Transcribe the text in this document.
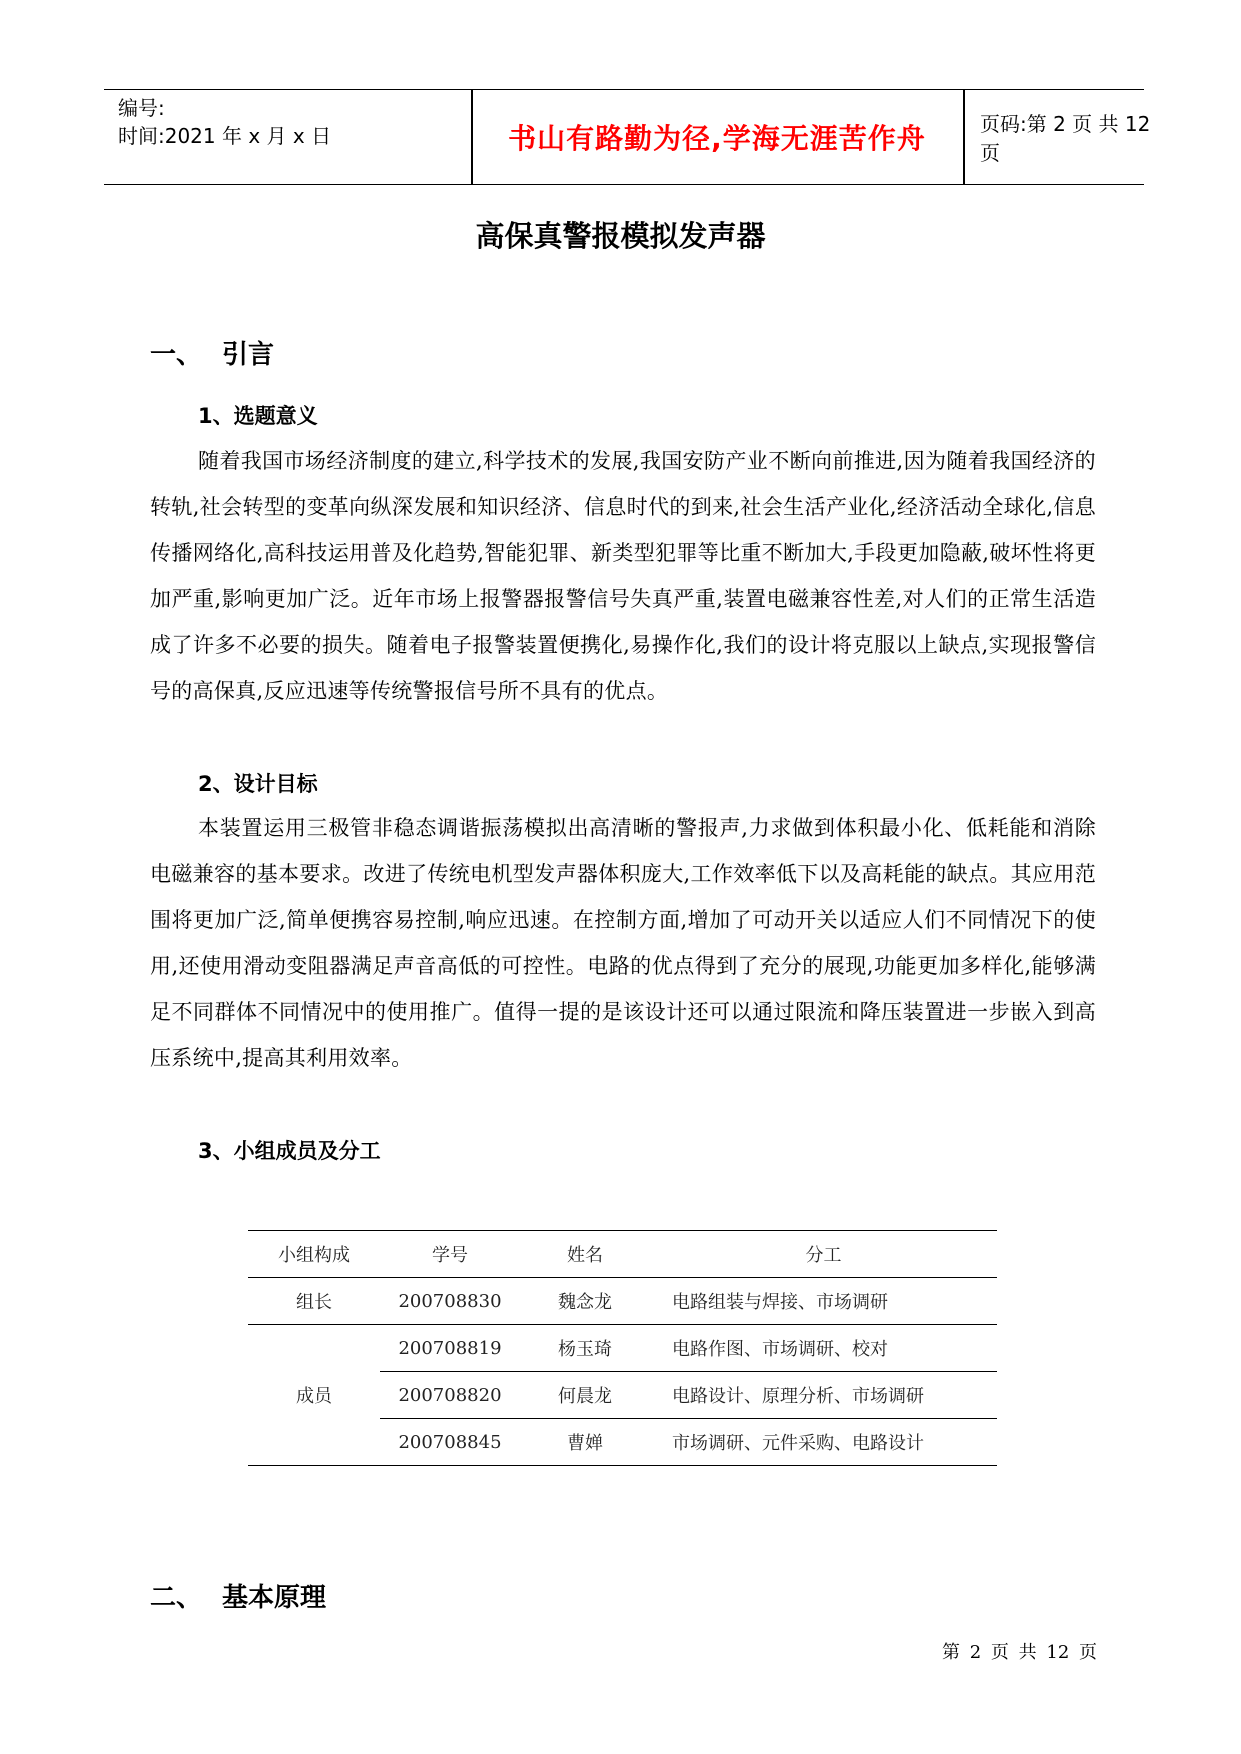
编号:
时间:2021 年 x 月 x 日	书山有路勤为径,学海无涯苦作舟	页码:第 2 页 共 12 页
高保真警报模拟发声器
一、 引言
1、选题意义
随着我国市场经济制度的建立,科学技术的发展,我国安防产业不断向前推进,因为随着我国经济的转轨,社会转型的变革向纵深发展和知识经济、信息时代的到来,社会生活产业化,经济活动全球化,信息传播网络化,高科技运用普及化趋势,智能犯罪、新类型犯罪等比重不断加大,手段更加隐蔽,破坏性将更加严重,影响更加广泛。近年市场上报警器报警信号失真严重,装置电磁兼容性差,对人们的正常生活造成了许多不必要的损失。随着电子报警装置便携化,易操作化,我们的设计将克服以上缺点,实现报警信号的高保真,反应迅速等传统警报信号所不具有的优点。
2、设计目标
本装置运用三极管非稳态调谐振荡模拟出高清晰的警报声,力求做到体积最小化、低耗能和消除电磁兼容的基本要求。改进了传统电机型发声器体积庞大,工作效率低下以及高耗能的缺点。其应用范围将更加广泛,简单便携容易控制,响应迅速。在控制方面,增加了可动开关以适应人们不同情况下的使用,还使用滑动变阻器满足声音高低的可控性。电路的优点得到了充分的展现,功能更加多样化,能够满足不同群体不同情况中的使用推广。值得一提的是该设计还可以通过限流和降压装置进一步嵌入到高压系统中,提高其利用效率。
3、小组成员及分工
小组构成	学号	姓名	分工
组长	200708830	魏念龙	电路组装与焊接、市场调研
成员	200708819	杨玉琦	电路作图、市场调研、校对
	200708820	何晨龙	电路设计、原理分析、市场调研
	200708845	曹婵	市场调研、元件采购、电路设计
二、 基本原理
第 2 页 共 12 页
